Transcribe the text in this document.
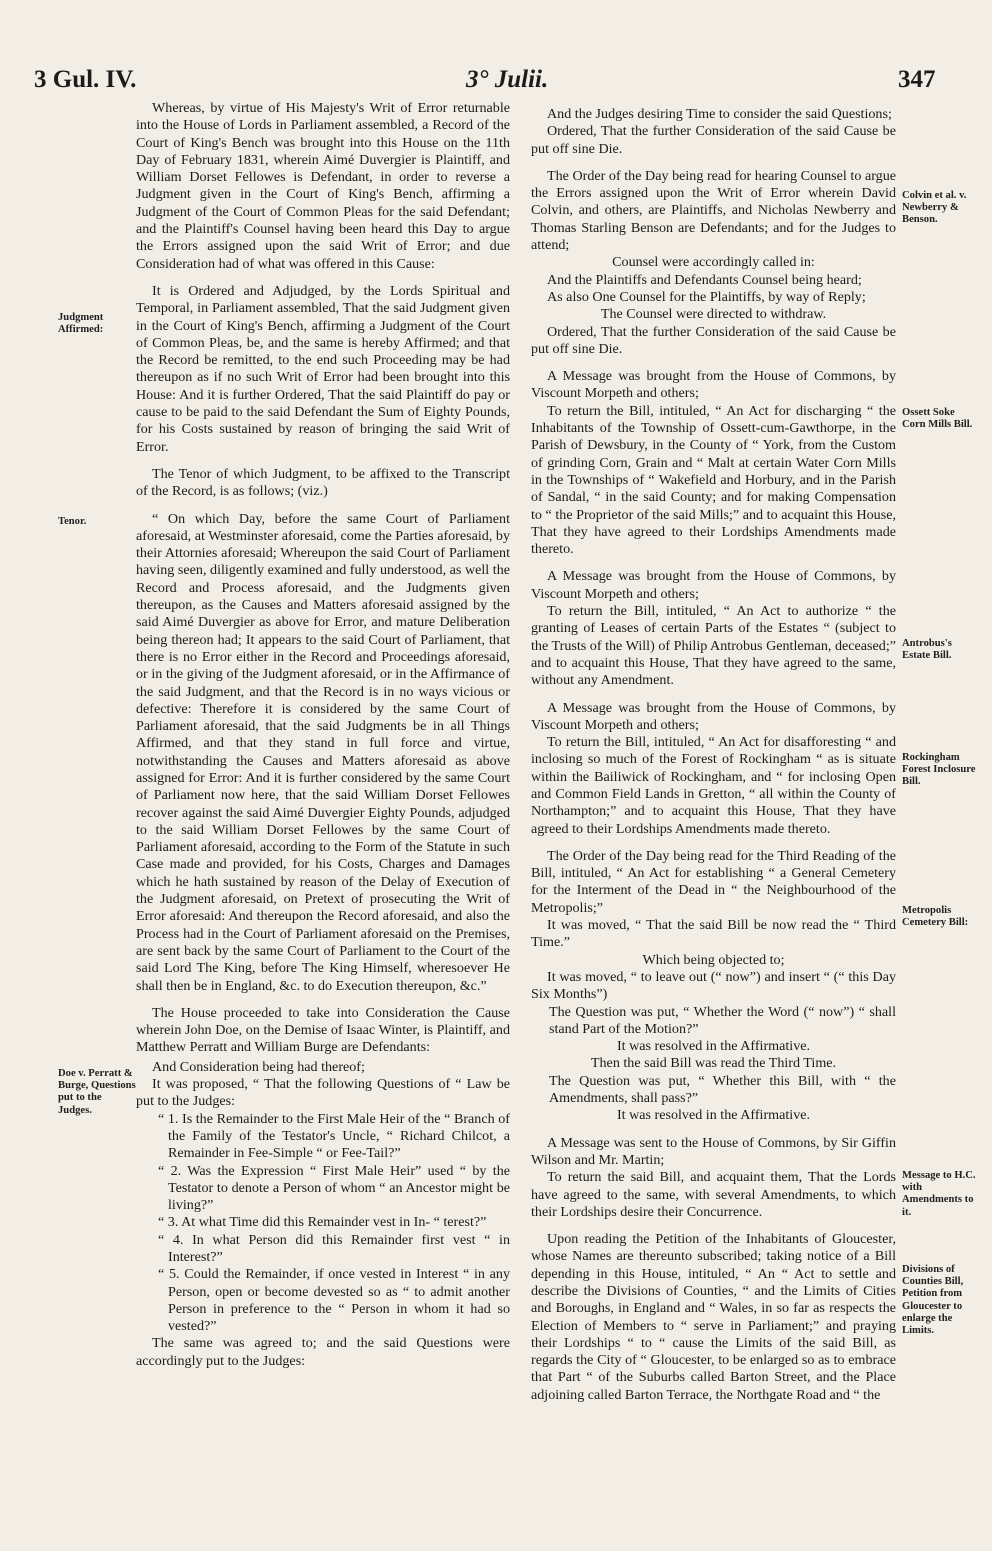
3 Gul. IV.	3° Julii.	347
Judgment Affirmed:
Tenor.
Doe v. Perratt & Burge, Questions put to the Judges.
Colvin et al. v. Newberry & Benson.
Ossett Soke Corn Mills Bill.
Antrobus's Estate Bill.
Rockingham Forest Inclosure Bill.
Metropolis Cemetery Bill:
Message to H.C. with Amendments to it.
Divisions of Counties Bill, Petition from Gloucester to enlarge the Limits.

Whereas, by virtue of His Majesty's Writ of Error returnable into the House of Lords in Parliament assembled, a Record of the Court of King's Bench was brought into this House on the 11th Day of February 1831, wherein Aimé Duvergier is Plaintiff, and William Dorset Fellowes is Defendant, in order to reverse a Judgment given in the Court of King's Bench, affirming a Judgment of the Court of Common Pleas for the said Defendant; and the Plaintiff's Counsel having been heard this Day to argue the Errors assigned upon the said Writ of Error; and due Consideration had of what was offered in this Cause:

It is Ordered and Adjudged, by the Lords Spiritual and Temporal, in Parliament assembled, That the said Judgment given in the Court of King's Bench, affirming a Judgment of the Court of Common Pleas, be, and the same is hereby Affirmed; and that the Record be remitted, to the end such Proceeding may be had thereupon as if no such Writ of Error had been brought into this House: And it is further Ordered, That the said Plaintiff do pay or cause to be paid to the said Defendant the Sum of Eighty Pounds, for his Costs sustained by reason of bringing the said Writ of Error.

The Tenor of which Judgment, to be affixed to the Transcript of the Record, is as follows; (viz.)

“ On which Day, before the same Court of Parliament aforesaid, at Westminster aforesaid, come the Parties aforesaid, by their Attornies aforesaid; Whereupon the said Court of Parliament having seen, diligently examined and fully understood, as well the Record and Process aforesaid, and the Judgments given thereupon, as the Causes and Matters aforesaid assigned by the said Aimé Duvergier as above for Error, and mature Deliberation being thereon had; It appears to the said Court of Parliament, that there is no Error either in the Record and Proceedings aforesaid, or in the giving of the Judgment aforesaid, or in the Affirmance of the said Judgment, and that the Record is in no ways vicious or defective: Therefore it is considered by the same Court of Parliament aforesaid, that the said Judgments be in all Things Affirmed, and that they stand in full force and virtue, notwithstanding the Causes and Matters aforesaid as above assigned for Error: And it is further considered by the same Court of Parliament now here, that the said William Dorset Fellowes recover against the said Aimé Duvergier Eighty Pounds, adjudged to the said William Dorset Fellowes by the same Court of Parliament aforesaid, according to the Form of the Statute in such Case made and provided, for his Costs, Charges and Damages which he hath sustained by reason of the Delay of Execution of the Judgment aforesaid, on Pretext of prosecuting the Writ of Error aforesaid: And thereupon the Record aforesaid, and also the Process had in the Court of Parliament aforesaid on the Premises, are sent back by the same Court of Parliament to the Court of the said Lord The King, before The King Himself, wheresoever He shall then be in England, &c. to do Execution thereupon, &c.”

The House proceeded to take into Consideration the Cause wherein John Doe, on the Demise of Isaac Winter, is Plaintiff, and Matthew Perratt and William Burge are Defendants:

And Consideration being had thereof;

It was proposed, “ That the following Questions of “ Law be put to the Judges:

“ 1. Is the Remainder to the First Male Heir of the “ Branch of the Family of the Testator's Uncle, “ Richard Chilcot, a Remainder in Fee-Simple “ or Fee-Tail?”

“ 2. Was the Expression “ First Male Heir” used “ by the Testator to denote a Person of whom “ an Ancestor might be living?”

“ 3. At what Time did this Remainder vest in In- “ terest?”

“ 4. In what Person did this Remainder first vest “ in Interest?”

“ 5. Could the Remainder, if once vested in Interest “ in any Person, open or become devested so as “ to admit another Person in preference to the “ Person in whom it had so vested?”

The same was agreed to; and the said Questions were accordingly put to the Judges:

And the Judges desiring Time to consider the said Questions;

Ordered, That the further Consideration of the said Cause be put off sine Die.

The Order of the Day being read for hearing Counsel to argue the Errors assigned upon the Writ of Error wherein David Colvin, and others, are Plaintiffs, and Nicholas Newberry and Thomas Starling Benson are Defendants; and for the Judges to attend;

Counsel were accordingly called in:

And the Plaintiffs and Defendants Counsel being heard;

As also One Counsel for the Plaintiffs, by way of Reply;

The Counsel were directed to withdraw.

Ordered, That the further Consideration of the said Cause be put off sine Die.

A Message was brought from the House of Commons, by Viscount Morpeth and others;

To return the Bill, intituled, “ An Act for discharging “ the Inhabitants of the Township of Ossett-cum-Gawthorpe, in the Parish of Dewsbury, in the County of “ York, from the Custom of grinding Corn, Grain and “ Malt at certain Water Corn Mills in the Townships of “ Wakefield and Horbury, and in the Parish of Sandal, “ in the said County; and for making Compensation to “ the Proprietor of the said Mills;” and to acquaint this House, That they have agreed to their Lordships Amendments made thereto.

A Message was brought from the House of Commons, by Viscount Morpeth and others;

To return the Bill, intituled, “ An Act to authorize “ the granting of Leases of certain Parts of the Estates “ (subject to the Trusts of the Will) of Philip Antrobus Gentleman, deceased;” and to acquaint this House, That they have agreed to the same, without any Amendment.

A Message was brought from the House of Commons, by Viscount Morpeth and others;

To return the Bill, intituled, “ An Act for disafforesting “ and inclosing so much of the Forest of Rockingham “ as is situate within the Bailiwick of Rockingham, and “ for inclosing Open and Common Field Lands in Gretton, “ all within the County of Northampton;” and to acquaint this House, That they have agreed to their Lordships Amendments made thereto.

The Order of the Day being read for the Third Reading of the Bill, intituled, “ An Act for establishing “ a General Cemetery for the Interment of the Dead in “ the Neighbourhood of the Metropolis;”

It was moved, “ That the said Bill be now read the “ Third Time.”

Which being objected to;

It was moved, “ to leave out (“ now”) and insert “ (“ this Day Six Months”)

The Question was put, “ Whether the Word (“ now”) “ shall stand Part of the Motion?”

It was resolved in the Affirmative.

Then the said Bill was read the Third Time.

The Question was put, “ Whether this Bill, with “ the Amendments, shall pass?”

It was resolved in the Affirmative.

A Message was sent to the House of Commons, by Sir Giffin Wilson and Mr. Martin;

To return the said Bill, and acquaint them, That the Lords have agreed to the same, with several Amendments, to which their Lordships desire their Concurrence.

Upon reading the Petition of the Inhabitants of Gloucester, whose Names are thereunto subscribed; taking notice of a Bill depending in this House, intituled, “ An “ Act to settle and describe the Divisions of Counties, “ and the Limits of Cities and Boroughs, in England and “ Wales, in so far as respects the Election of Members to “ serve in Parliament;” and praying their Lordships “ to “ cause the Limits of the said Bill, as regards the City of “ Gloucester, to be enlarged so as to embrace that Part “ of the Suburbs called Barton Street, and the Place adjoining called Barton Terrace, the Northgate Road and “ the
